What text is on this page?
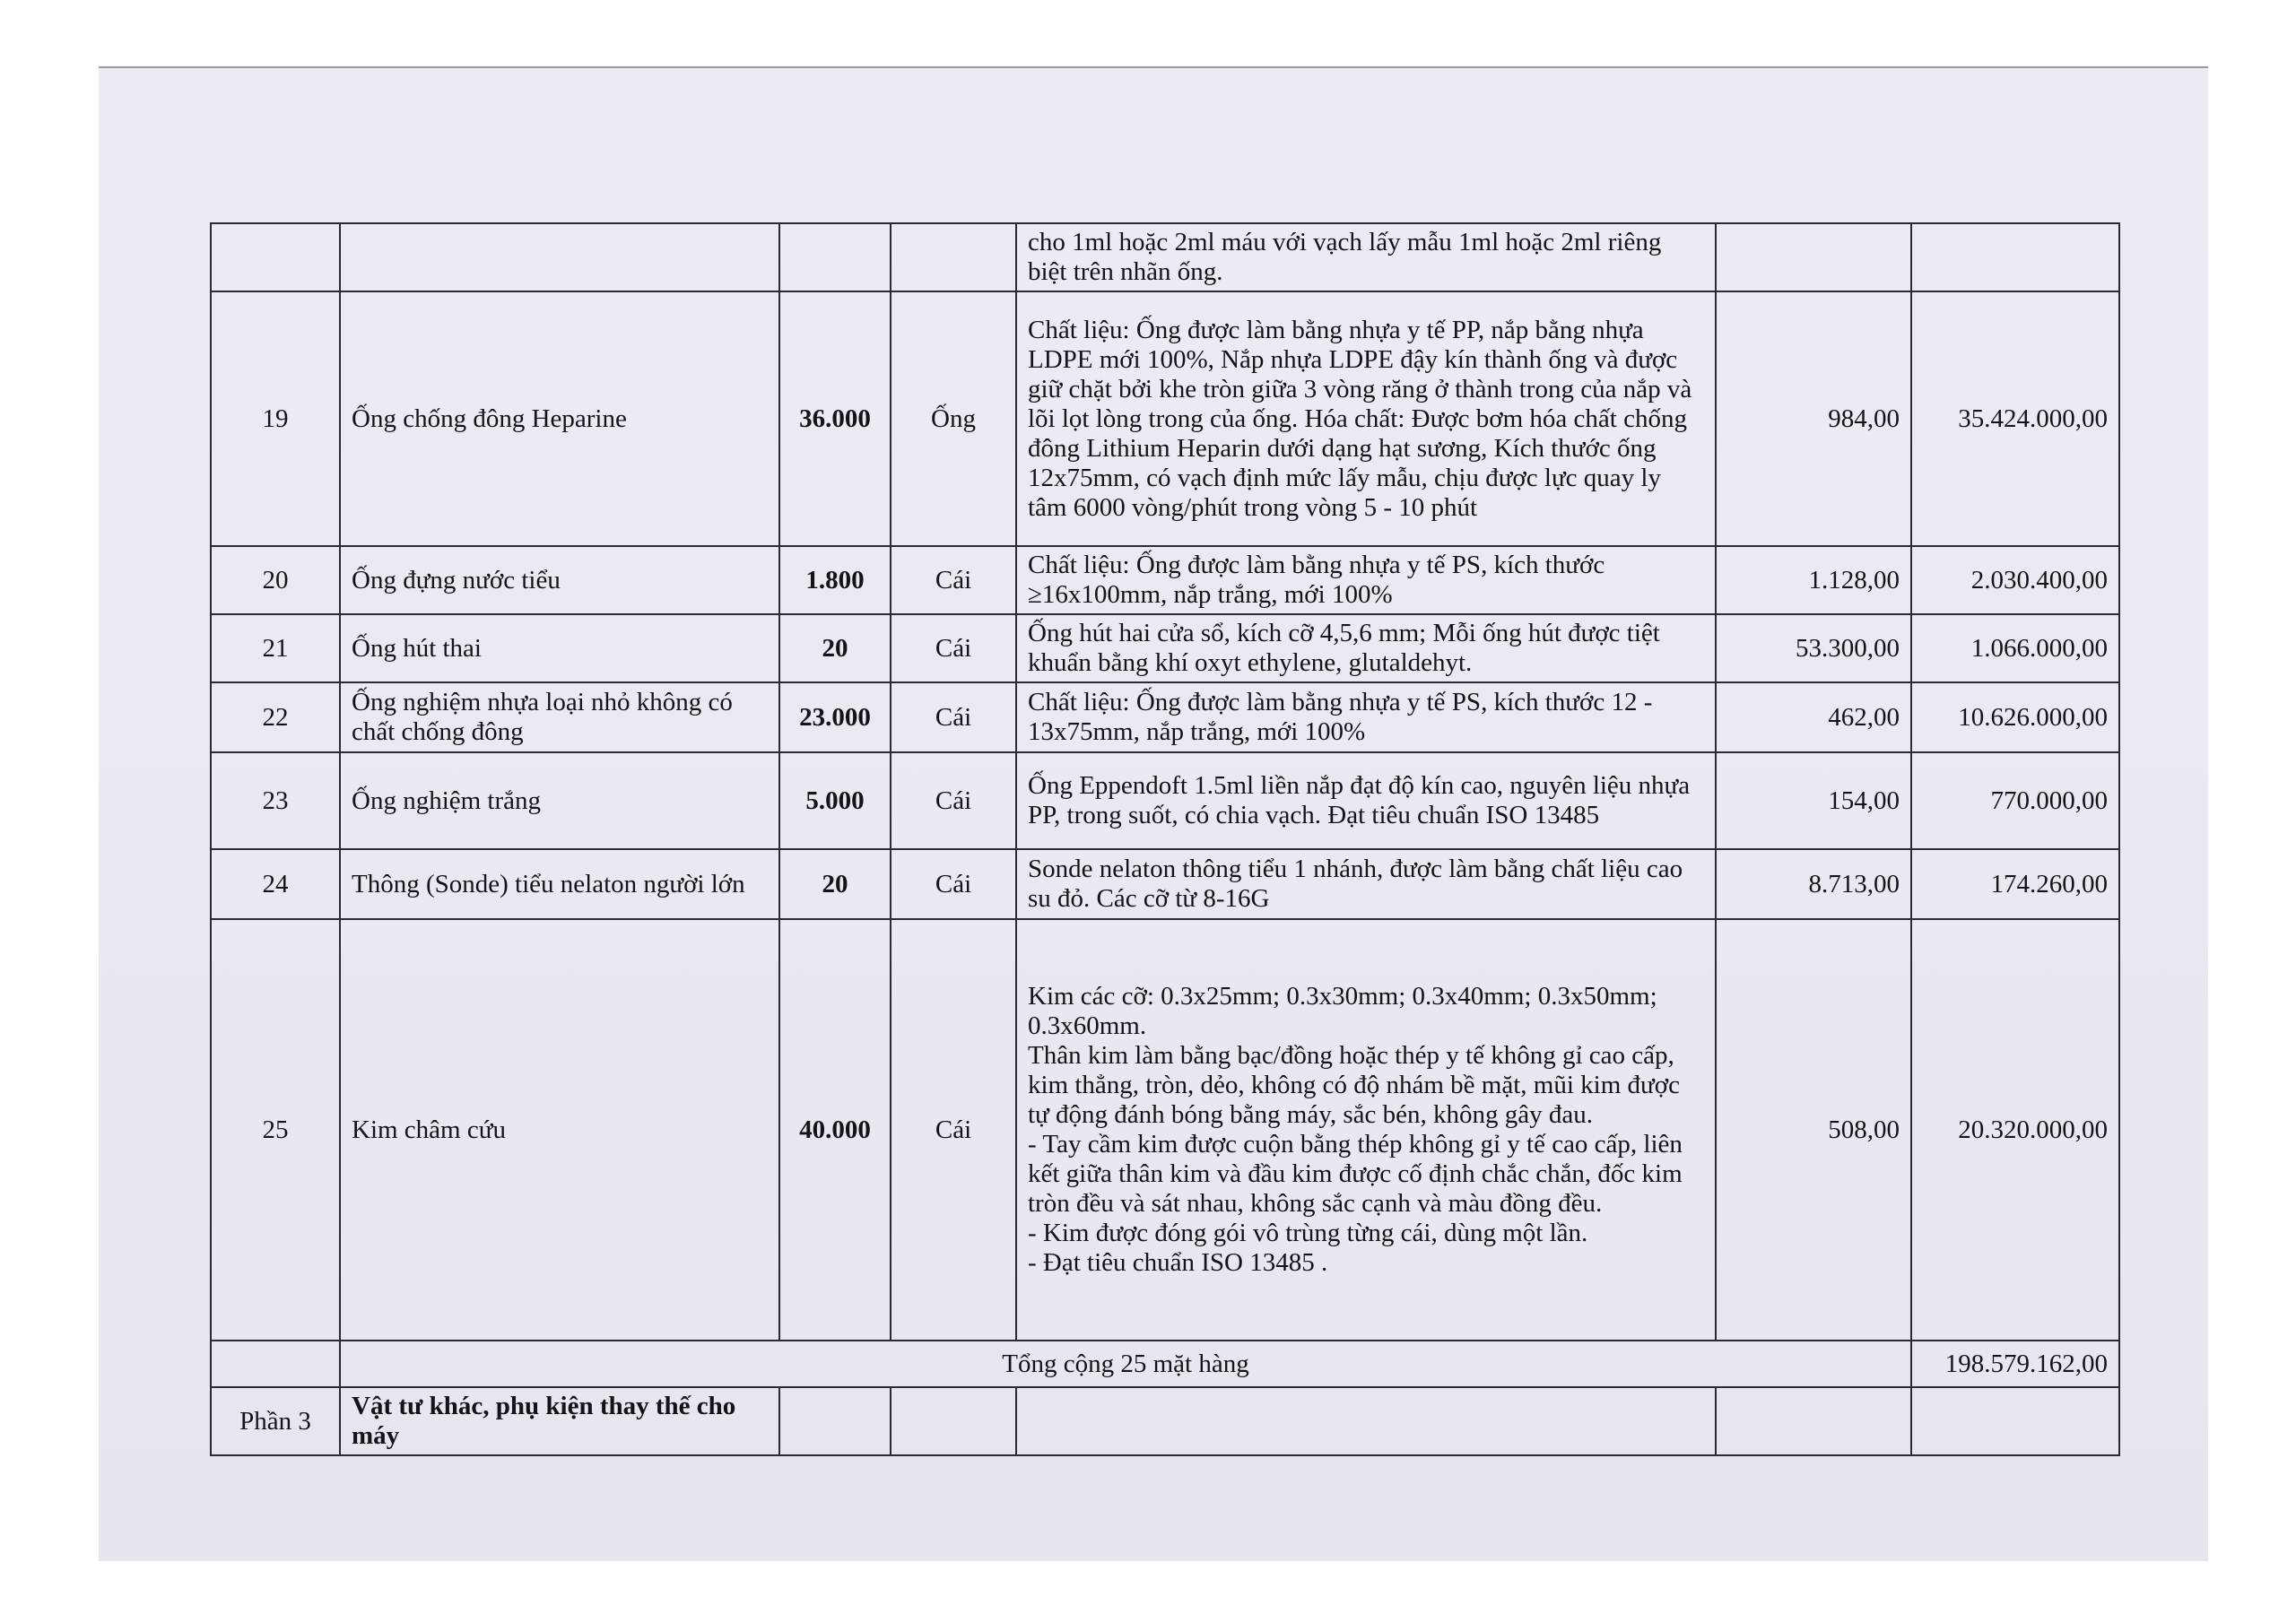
				cho 1ml hoặc 2ml máu với vạch lấy mẫu 1ml hoặc 2ml riêng biệt trên nhãn ống.		
19	Ống chống đông Heparine	36.000	Ống	Chất liệu: Ống được làm bằng nhựa y tế PP, nắp bằng nhựa LDPE mới 100%, Nắp nhựa LDPE đậy kín thành ống và được giữ chặt bởi khe tròn giữa 3 vòng răng ở thành trong của nắp và lõi lọt lòng trong của ống. Hóa chất: Được bơm hóa chất chống đông Lithium Heparin dưới dạng hạt sương, Kích thước ống 12x75mm, có vạch định mức lấy mẫu, chịu được lực quay ly tâm 6000 vòng/phút trong vòng 5 - 10 phút	984,00	35.424.000,00
20	Ống đựng nước tiểu	1.800	Cái	Chất liệu: Ống được làm bằng nhựa y tế PS, kích thước ≥16x100mm, nắp trắng, mới 100%	1.128,00	2.030.400,00
21	Ống hút thai	20	Cái	Ống hút hai cửa sổ, kích cỡ 4,5,6 mm; Mỗi ống hút được tiệt khuẩn bằng khí oxyt ethylene, glutaldehyt.	53.300,00	1.066.000,00
22	Ống nghiệm nhựa loại nhỏ không có chất chống đông	23.000	Cái	Chất liệu: Ống được làm bằng nhựa y tế PS, kích thước 12 - 13x75mm, nắp trắng, mới 100%	462,00	10.626.000,00
23	Ống nghiệm trắng	5.000	Cái	Ống Eppendoft 1.5ml liền nắp đạt độ kín cao, nguyên liệu nhựa PP, trong suốt, có chia vạch. Đạt tiêu chuẩn ISO 13485	154,00	770.000,00
24	Thông (Sonde) tiểu nelaton người lớn	20	Cái	Sonde nelaton thông tiểu 1 nhánh, được làm bằng chất liệu cao su đỏ. Các cỡ từ 8-16G	8.713,00	174.260,00
25	Kim châm cứu	40.000	Cái	Kim các cỡ: 0.3x25mm; 0.3x30mm; 0.3x40mm; 0.3x50mm; 0.3x60mm.
Thân kim làm bằng bạc/đồng hoặc thép y tế không gỉ cao cấp, kim thẳng, tròn, dẻo, không có độ nhám bề mặt, mũi kim được tự động đánh bóng bằng máy, sắc bén, không gây đau.
- Tay cầm kim được cuộn bằng thép không gỉ y tế cao cấp, liên kết giữa thân kim và đầu kim được cố định chắc chắn, đốc kim tròn đều và sát nhau, không sắc cạnh và màu đồng đều.
- Kim được đóng gói vô trùng từng cái, dùng một lần.
- Đạt tiêu chuẩn ISO 13485 .	508,00	20.320.000,00
	Tổng cộng 25 mặt hàng					198.579.162,00
Phần 3	Vật tư khác, phụ kiện thay thế cho máy					
